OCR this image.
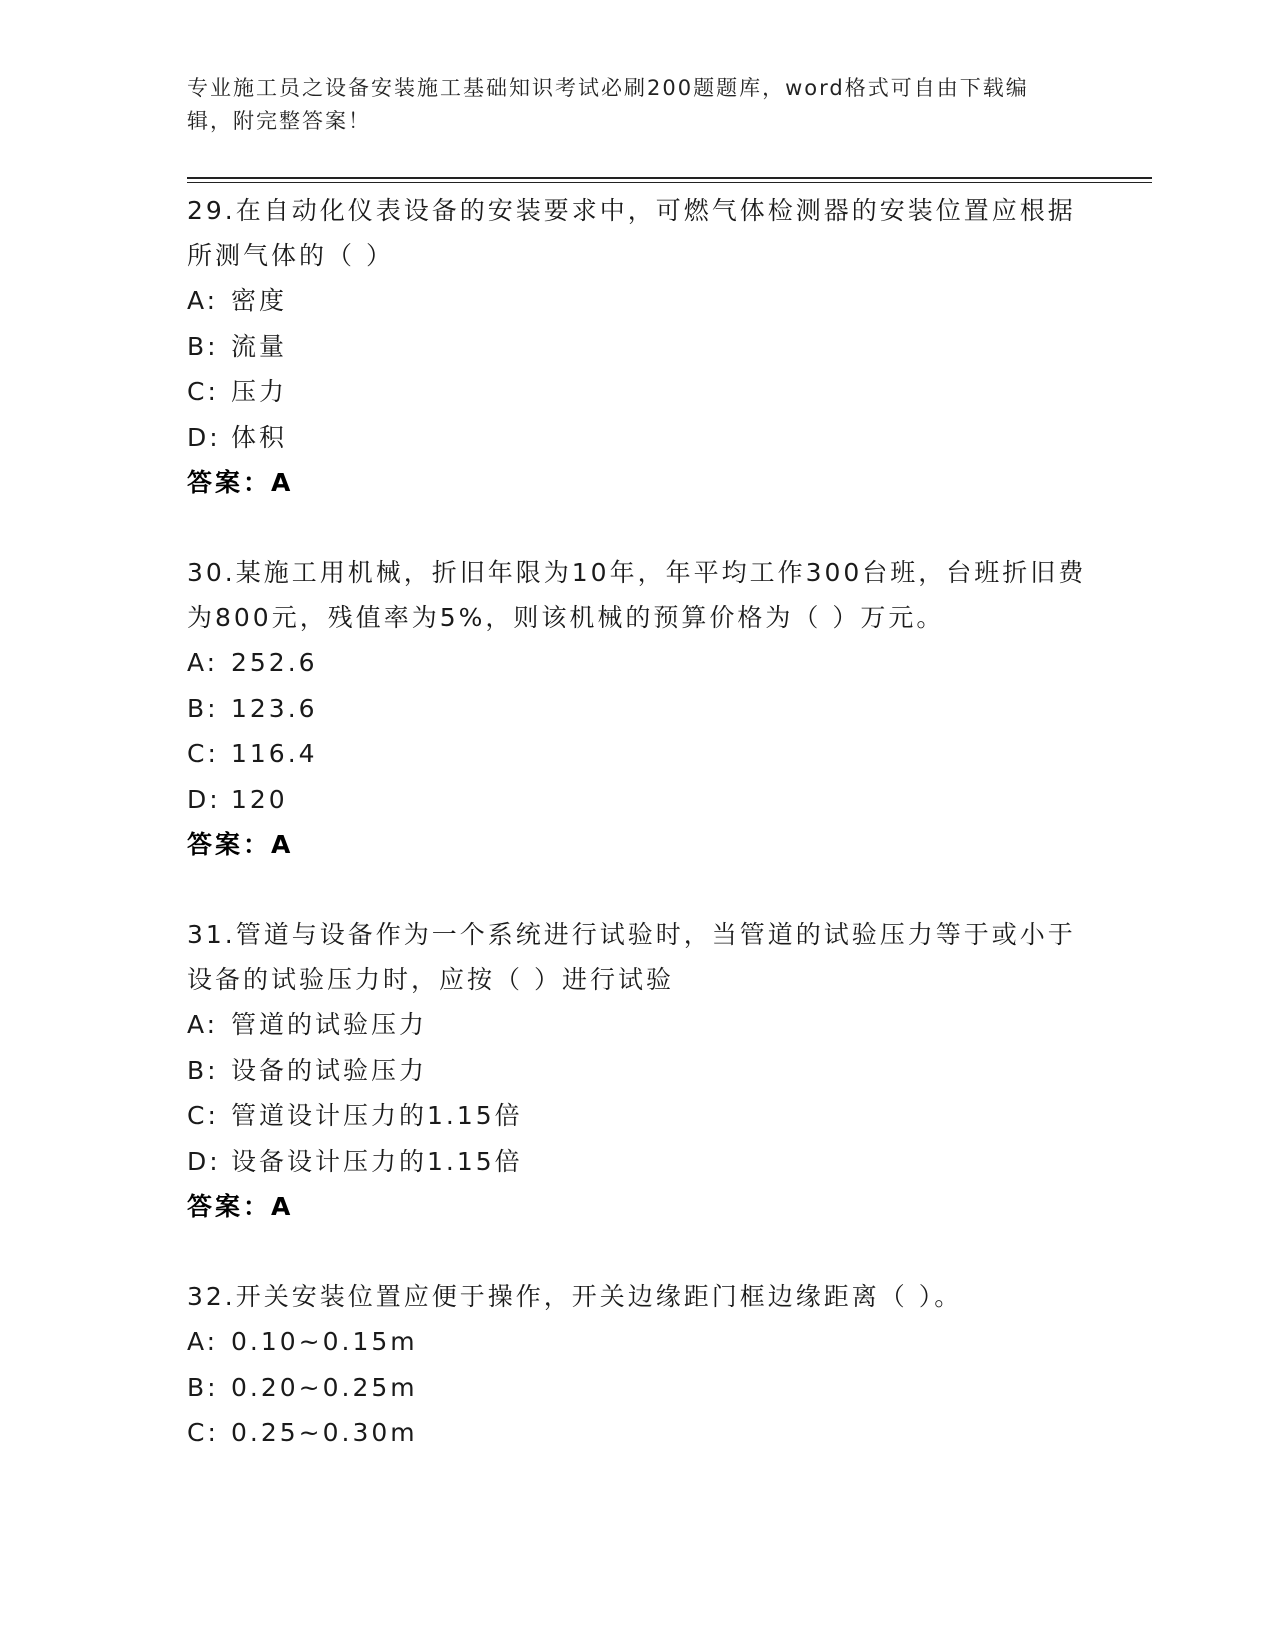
专业施工员之设备安装施工基础知识考试必刷200题题库，word格式可自由下载编辑，附完整答案！
29.在自动化仪表设备的安装要求中，可燃气体检测器的安装位置应根据所测气体的（ ）
A: 密度
B: 流量
C: 压力
D: 体积
答案：A
30.某施工用机械，折旧年限为10年，年平均工作300台班，台班折旧费为800元，残值率为5%，则该机械的预算价格为（ ）万元。
A: 252.6
B: 123.6
C: 116.4
D: 120
答案：A
31.管道与设备作为一个系统进行试验时，当管道的试验压力等于或小于设备的试验压力时，应按（ ）进行试验
A: 管道的试验压力
B: 设备的试验压力
C: 管道设计压力的1.15倍
D: 设备设计压力的1.15倍
答案：A
32.开关安装位置应便于操作，开关边缘距门框边缘距离（ ）。
A: 0.10~0.15m
B: 0.20~0.25m
C: 0.25~0.30m
